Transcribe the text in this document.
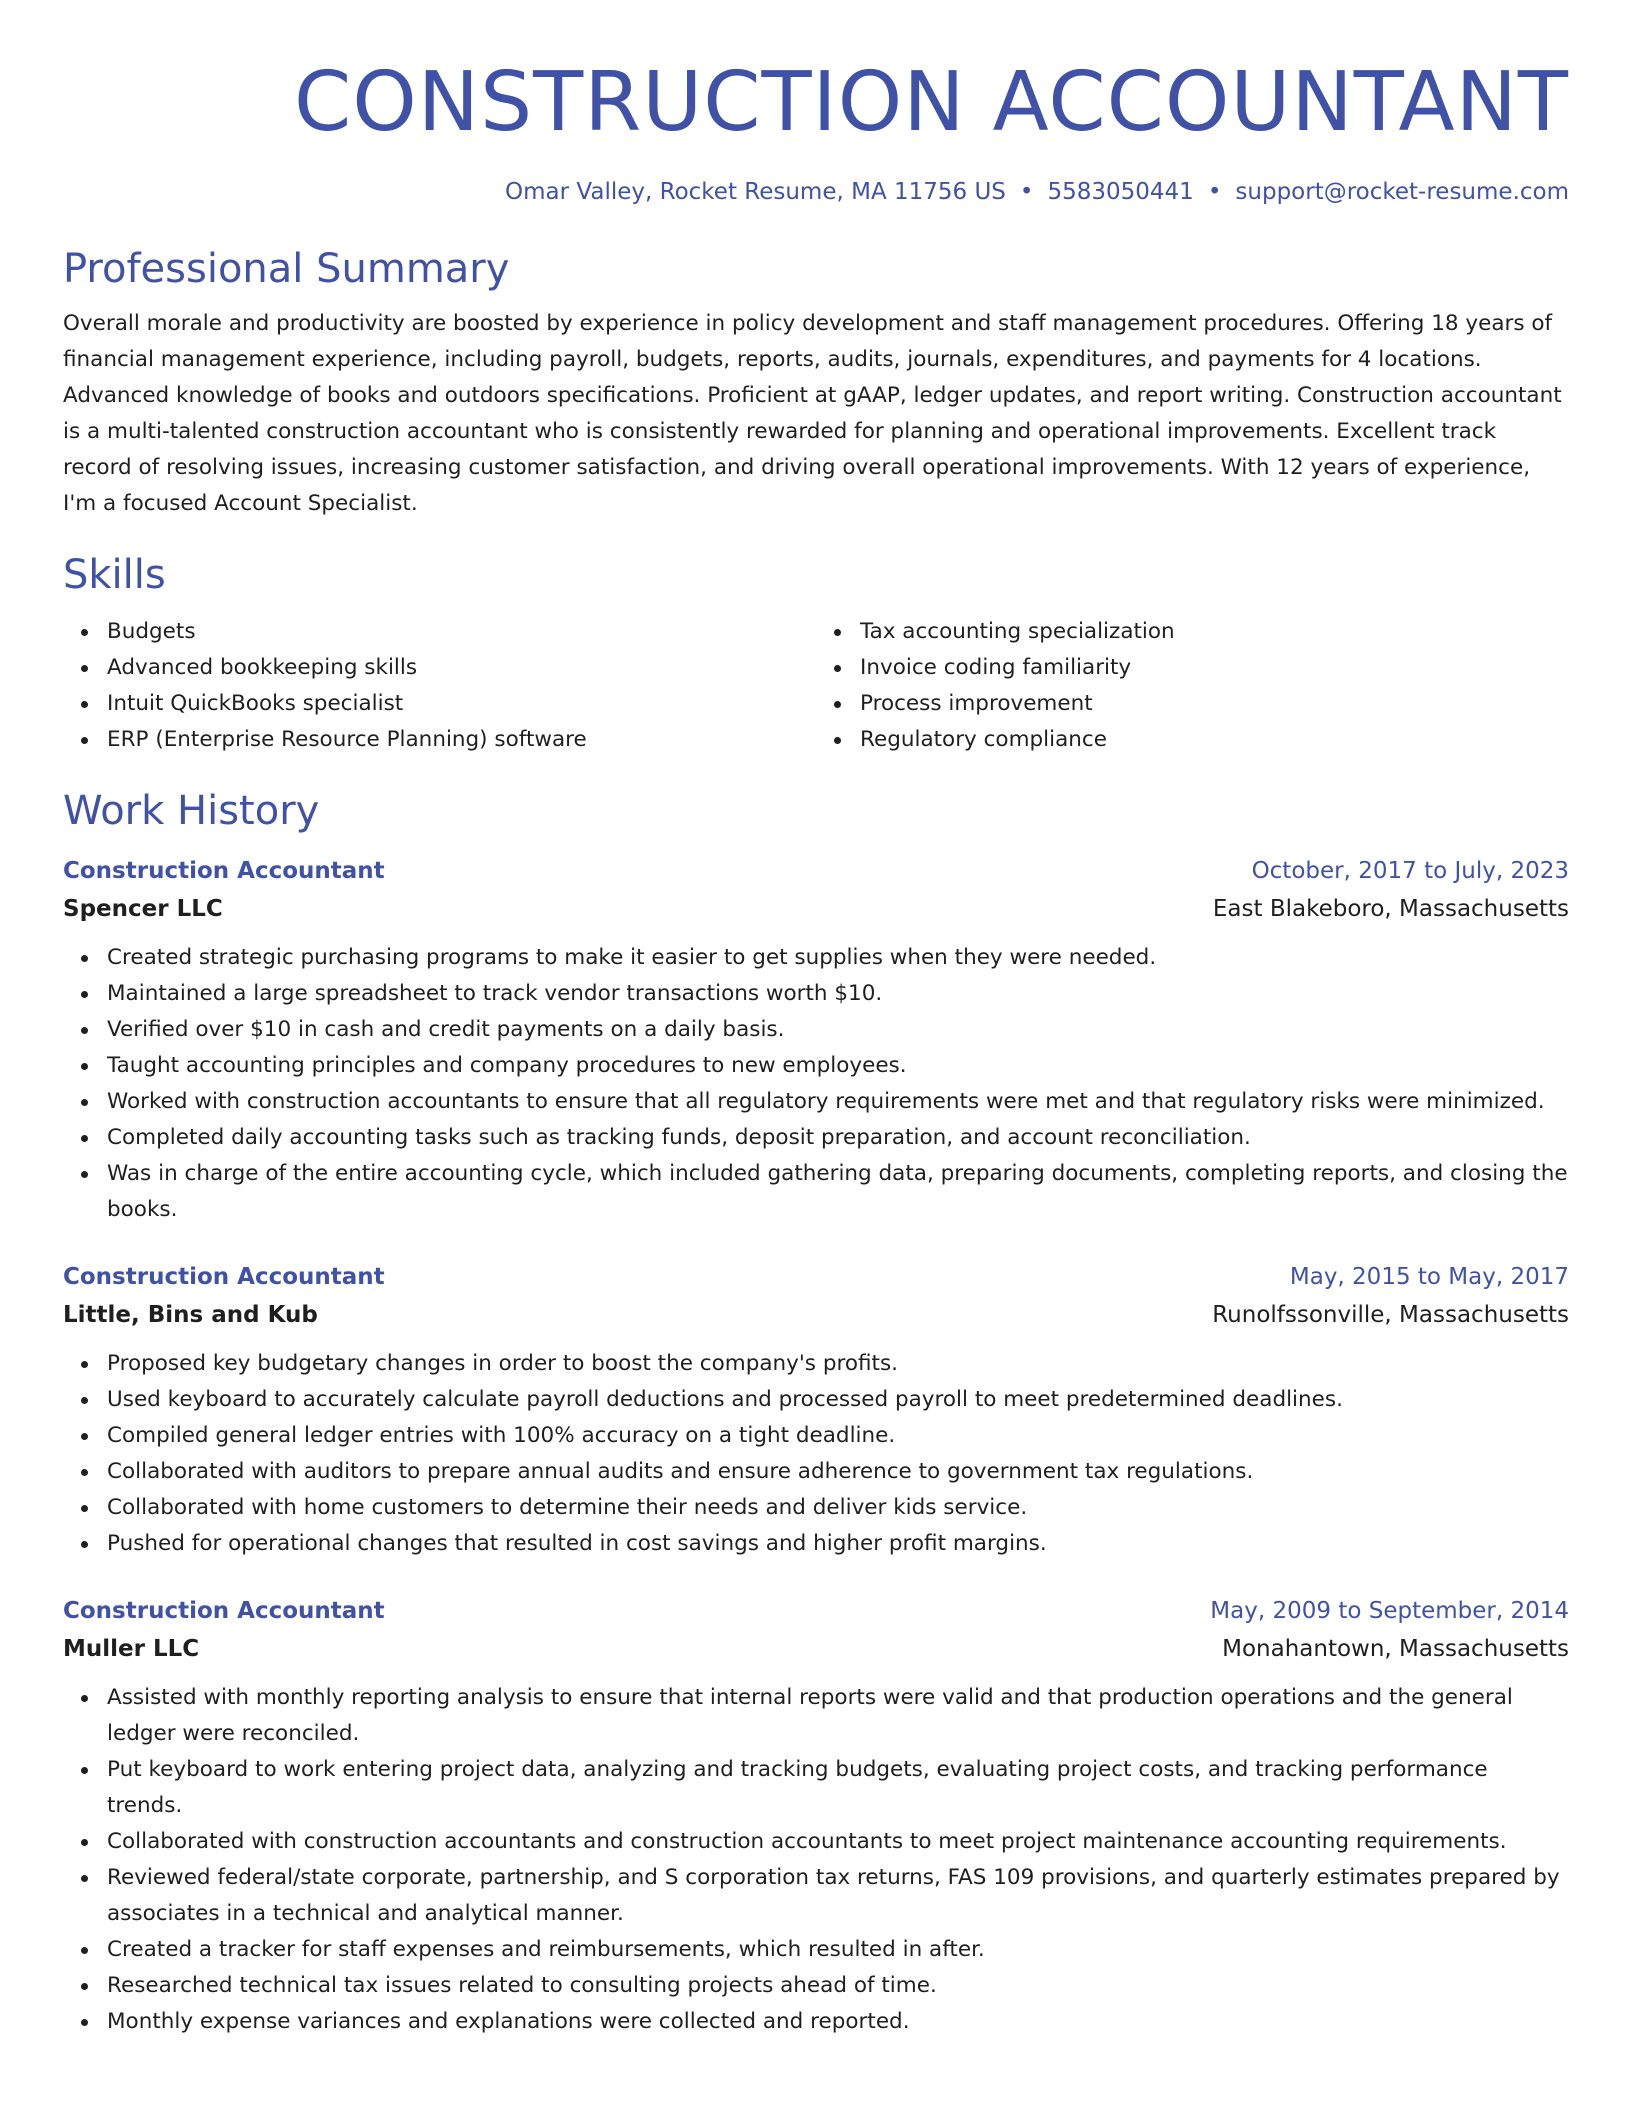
CONSTRUCTION ACCOUNTANT
Omar Valley, Rocket Resume, MA 11756 US • 5583050441 • support@rocket-resume.com
Professional Summary

Overall morale and productivity are boosted by experience in policy development and staff management procedures. Offering 18 years of financial management experience, including payroll, budgets, reports, audits, journals, expenditures, and payments for 4 locations. Advanced knowledge of books and outdoors specifications. Proficient at gAAP, ledger updates, and report writing. Construction accountant is a multi-talented construction accountant who is consistently rewarded for planning and operational improvements. Excellent track record of resolving issues, increasing customer satisfaction, and driving overall operational improvements. With 12 years of experience, I'm a focused Account Specialist.

Skills
Budgets
Advanced bookkeeping skills
Intuit QuickBooks specialist
ERP (Enterprise Resource Planning) software
Tax accounting specialization
Invoice coding familiarity
Process improvement
Regulatory compliance
Work History
Construction Accountant	October, 2017 to July, 2023
Spencer LLC	East Blakeboro, Massachusetts
Created strategic purchasing programs to make it easier to get supplies when they were needed.
Maintained a large spreadsheet to track vendor transactions worth $10.
Verified over $10 in cash and credit payments on a daily basis.
Taught accounting principles and company procedures to new employees.
Worked with construction accountants to ensure that all regulatory requirements were met and that regulatory risks were minimized.
Completed daily accounting tasks such as tracking funds, deposit preparation, and account reconciliation.
Was in charge of the entire accounting cycle, which included gathering data, preparing documents, completing reports, and closing the books.
Construction Accountant	May, 2015 to May, 2017
Little, Bins and Kub	Runolfssonville, Massachusetts
Proposed key budgetary changes in order to boost the company's profits.
Used keyboard to accurately calculate payroll deductions and processed payroll to meet predetermined deadlines.
Compiled general ledger entries with 100% accuracy on a tight deadline.
Collaborated with auditors to prepare annual audits and ensure adherence to government tax regulations.
Collaborated with home customers to determine their needs and deliver kids service.
Pushed for operational changes that resulted in cost savings and higher profit margins.
Construction Accountant	May, 2009 to September, 2014
Muller LLC	Monahantown, Massachusetts
Assisted with monthly reporting analysis to ensure that internal reports were valid and that production operations and the general ledger were reconciled.
Put keyboard to work entering project data, analyzing and tracking budgets, evaluating project costs, and tracking performance trends.
Collaborated with construction accountants and construction accountants to meet project maintenance accounting requirements.
Reviewed federal/state corporate, partnership, and S corporation tax returns, FAS 109 provisions, and quarterly estimates prepared by associates in a technical and analytical manner.
Created a tracker for staff expenses and reimbursements, which resulted in after.
Researched technical tax issues related to consulting projects ahead of time.
Monthly expense variances and explanations were collected and reported.
